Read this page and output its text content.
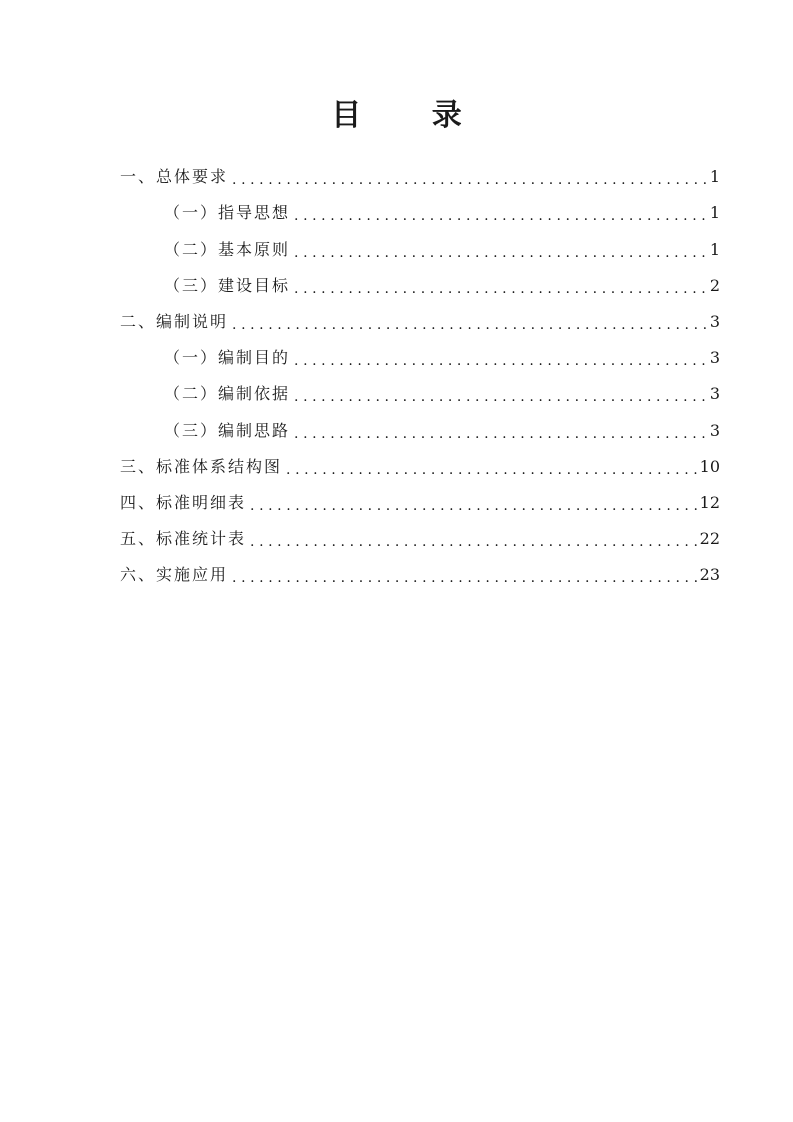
目 录
一、总体要求 .....	1
（一）指导思想 .....	1
（二）基本原则 .....	1
（三）建设目标 .....	2
二、编制说明 .....	3
（一）编制目的 .....	3
（二）编制依据 .....	3
（三）编制思路 .....	3
三、标准体系结构图 .....	10
四、标准明细表 .....	12
五、标准统计表 .....	22
六、实施应用 .....	23
